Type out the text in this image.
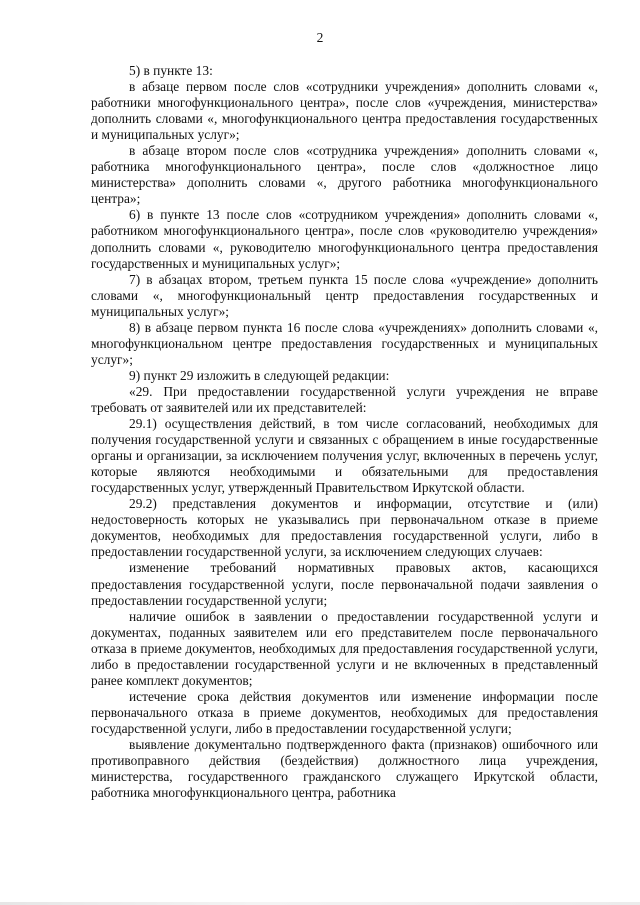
2

5) в пункте 13:

в абзаце первом после слов «сотрудники учреждения» дополнить словами «, работники многофункционального центра», после слов «учреждения, министерства» дополнить словами «, многофункционального центра предоставления государственных и муниципальных услуг»;

в абзаце втором после слов «сотрудника учреждения» дополнить словами «, работника многофункционального центра», после слов «должностное лицо министерства» дополнить словами «, другого работника многофункционального центра»;

6) в пункте 13 после слов «сотрудником учреждения» дополнить словами «, работником многофункционального центра», после слов «руководителю учреждения» дополнить словами «, руководителю многофункционального центра предоставления государственных и муниципальных услуг»;

7) в абзацах втором, третьем пункта 15 после слова «учреждение» дополнить словами «, многофункциональный центр предоставления государственных и муниципальных услуг»;

8) в абзаце первом пункта 16 после слова «учреждениях» дополнить словами «, многофункциональном центре предоставления государственных и муниципальных услуг»;

9) пункт 29 изложить в следующей редакции:

«29. При предоставлении государственной услуги учреждения не вправе требовать от заявителей или их представителей:

29.1) осуществления действий, в том числе согласований, необходимых для получения государственной услуги и связанных с обращением в иные государственные органы и организации, за исключением получения услуг, включенных в перечень услуг, которые являются необходимыми и обязательными для предоставления государственных услуг, утвержденный Правительством Иркутской области.

29.2) представления документов и информации, отсутствие и (или) недостоверность которых не указывались при первоначальном отказе в приеме документов, необходимых для предоставления государственной услуги, либо в предоставлении государственной услуги, за исключением следующих случаев:

изменение требований нормативных правовых актов, касающихся предоставления государственной услуги, после первоначальной подачи заявления о предоставлении государственной услуги;

наличие ошибок в заявлении о предоставлении государственной услуги и документах, поданных заявителем или его представителем после первоначального отказа в приеме документов, необходимых для предоставления государственной услуги, либо в предоставлении государственной услуги и не включенных в представленный ранее комплект документов;

истечение срока действия документов или изменение информации после первоначального отказа в приеме документов, необходимых для предоставления государственной услуги, либо в предоставлении государственной услуги;

выявление документально подтвержденного факта (признаков) ошибочного или противоправного действия (бездействия) должностного лица учреждения, министерства, государственного гражданского служащего Иркутской области, работника многофункционального центра, работника
